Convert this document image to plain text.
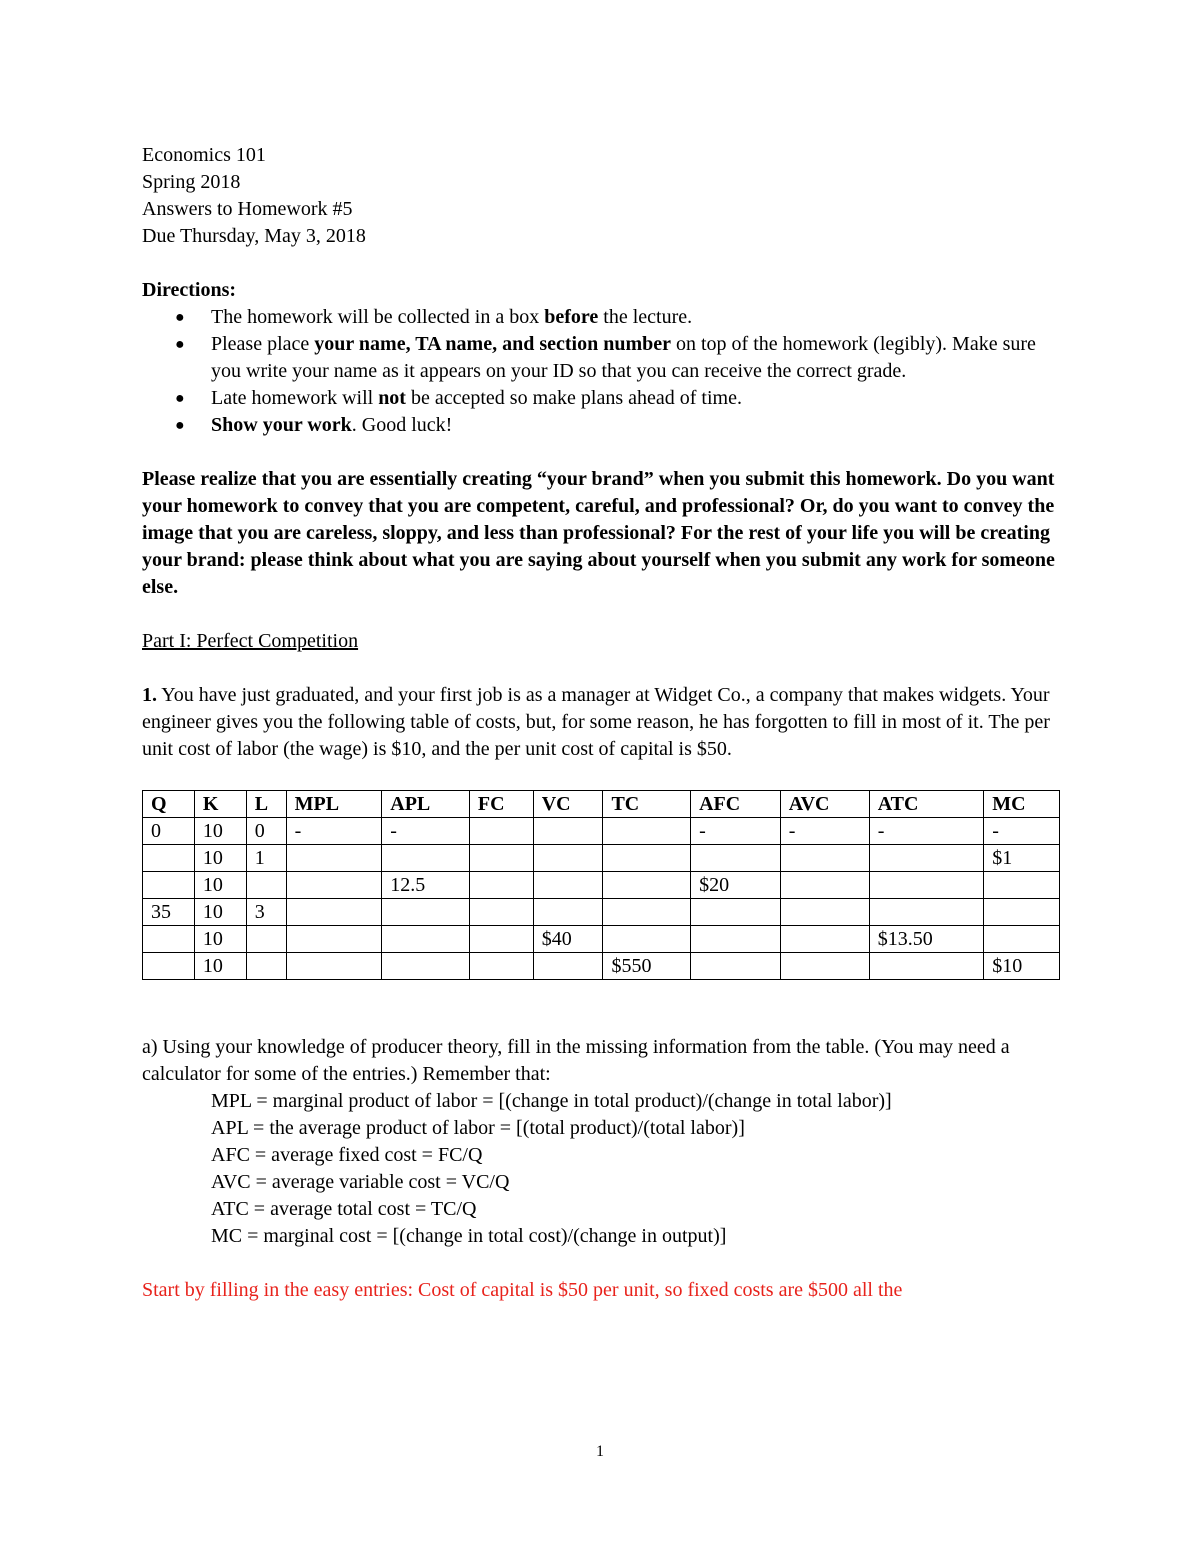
Economics 101
Spring 2018
Answers to Homework #5
Due Thursday, May 3, 2018
Directions:
● The homework will be collected in a box before the lecture.
● Please place your name, TA name, and section number on top of the homework (legibly). Make sure you write your name as it appears on your ID so that you can receive the correct grade.
● Late homework will not be accepted so make plans ahead of time.
● Show your work. Good luck!
Please realize that you are essentially creating “your brand” when you submit this homework. Do you want your homework to convey that you are competent, careful, and professional? Or, do you want to convey the image that you are careless, sloppy, and less than professional? For the rest of your life you will be creating your brand: please think about what you are saying about yourself when you submit any work for someone else.
Part I: Perfect Competition
1. You have just graduated, and your first job is as a manager at Widget Co., a company that makes widgets. Your engineer gives you the following table of costs, but, for some reason, he has forgotten to fill in most of it. The per unit cost of labor (the wage) is $10, and the per unit cost of capital is $50.
Q	K	L	MPL	APL	FC	VC	TC	AFC	AVC	ATC	MC
0	10	0	-	-				-	-	-	-
	10	1									$1
	10			12.5				$20			
35	10	3									
	10					$40				$13.50	
	10						$550				$10
a) Using your knowledge of producer theory, fill in the missing information from the table. (You may need a calculator for some of the entries.) Remember that:
MPL = marginal product of labor = [(change in total product)/(change in total labor)]
APL = the average product of labor = [(total product)/(total labor)]
AFC = average fixed cost = FC/Q
AVC = average variable cost = VC/Q
ATC = average total cost = TC/Q
MC = marginal cost = [(change in total cost)/(change in output)]
Start by filling in the easy entries: Cost of capital is $50 per unit, so fixed costs are $500 all the
1
